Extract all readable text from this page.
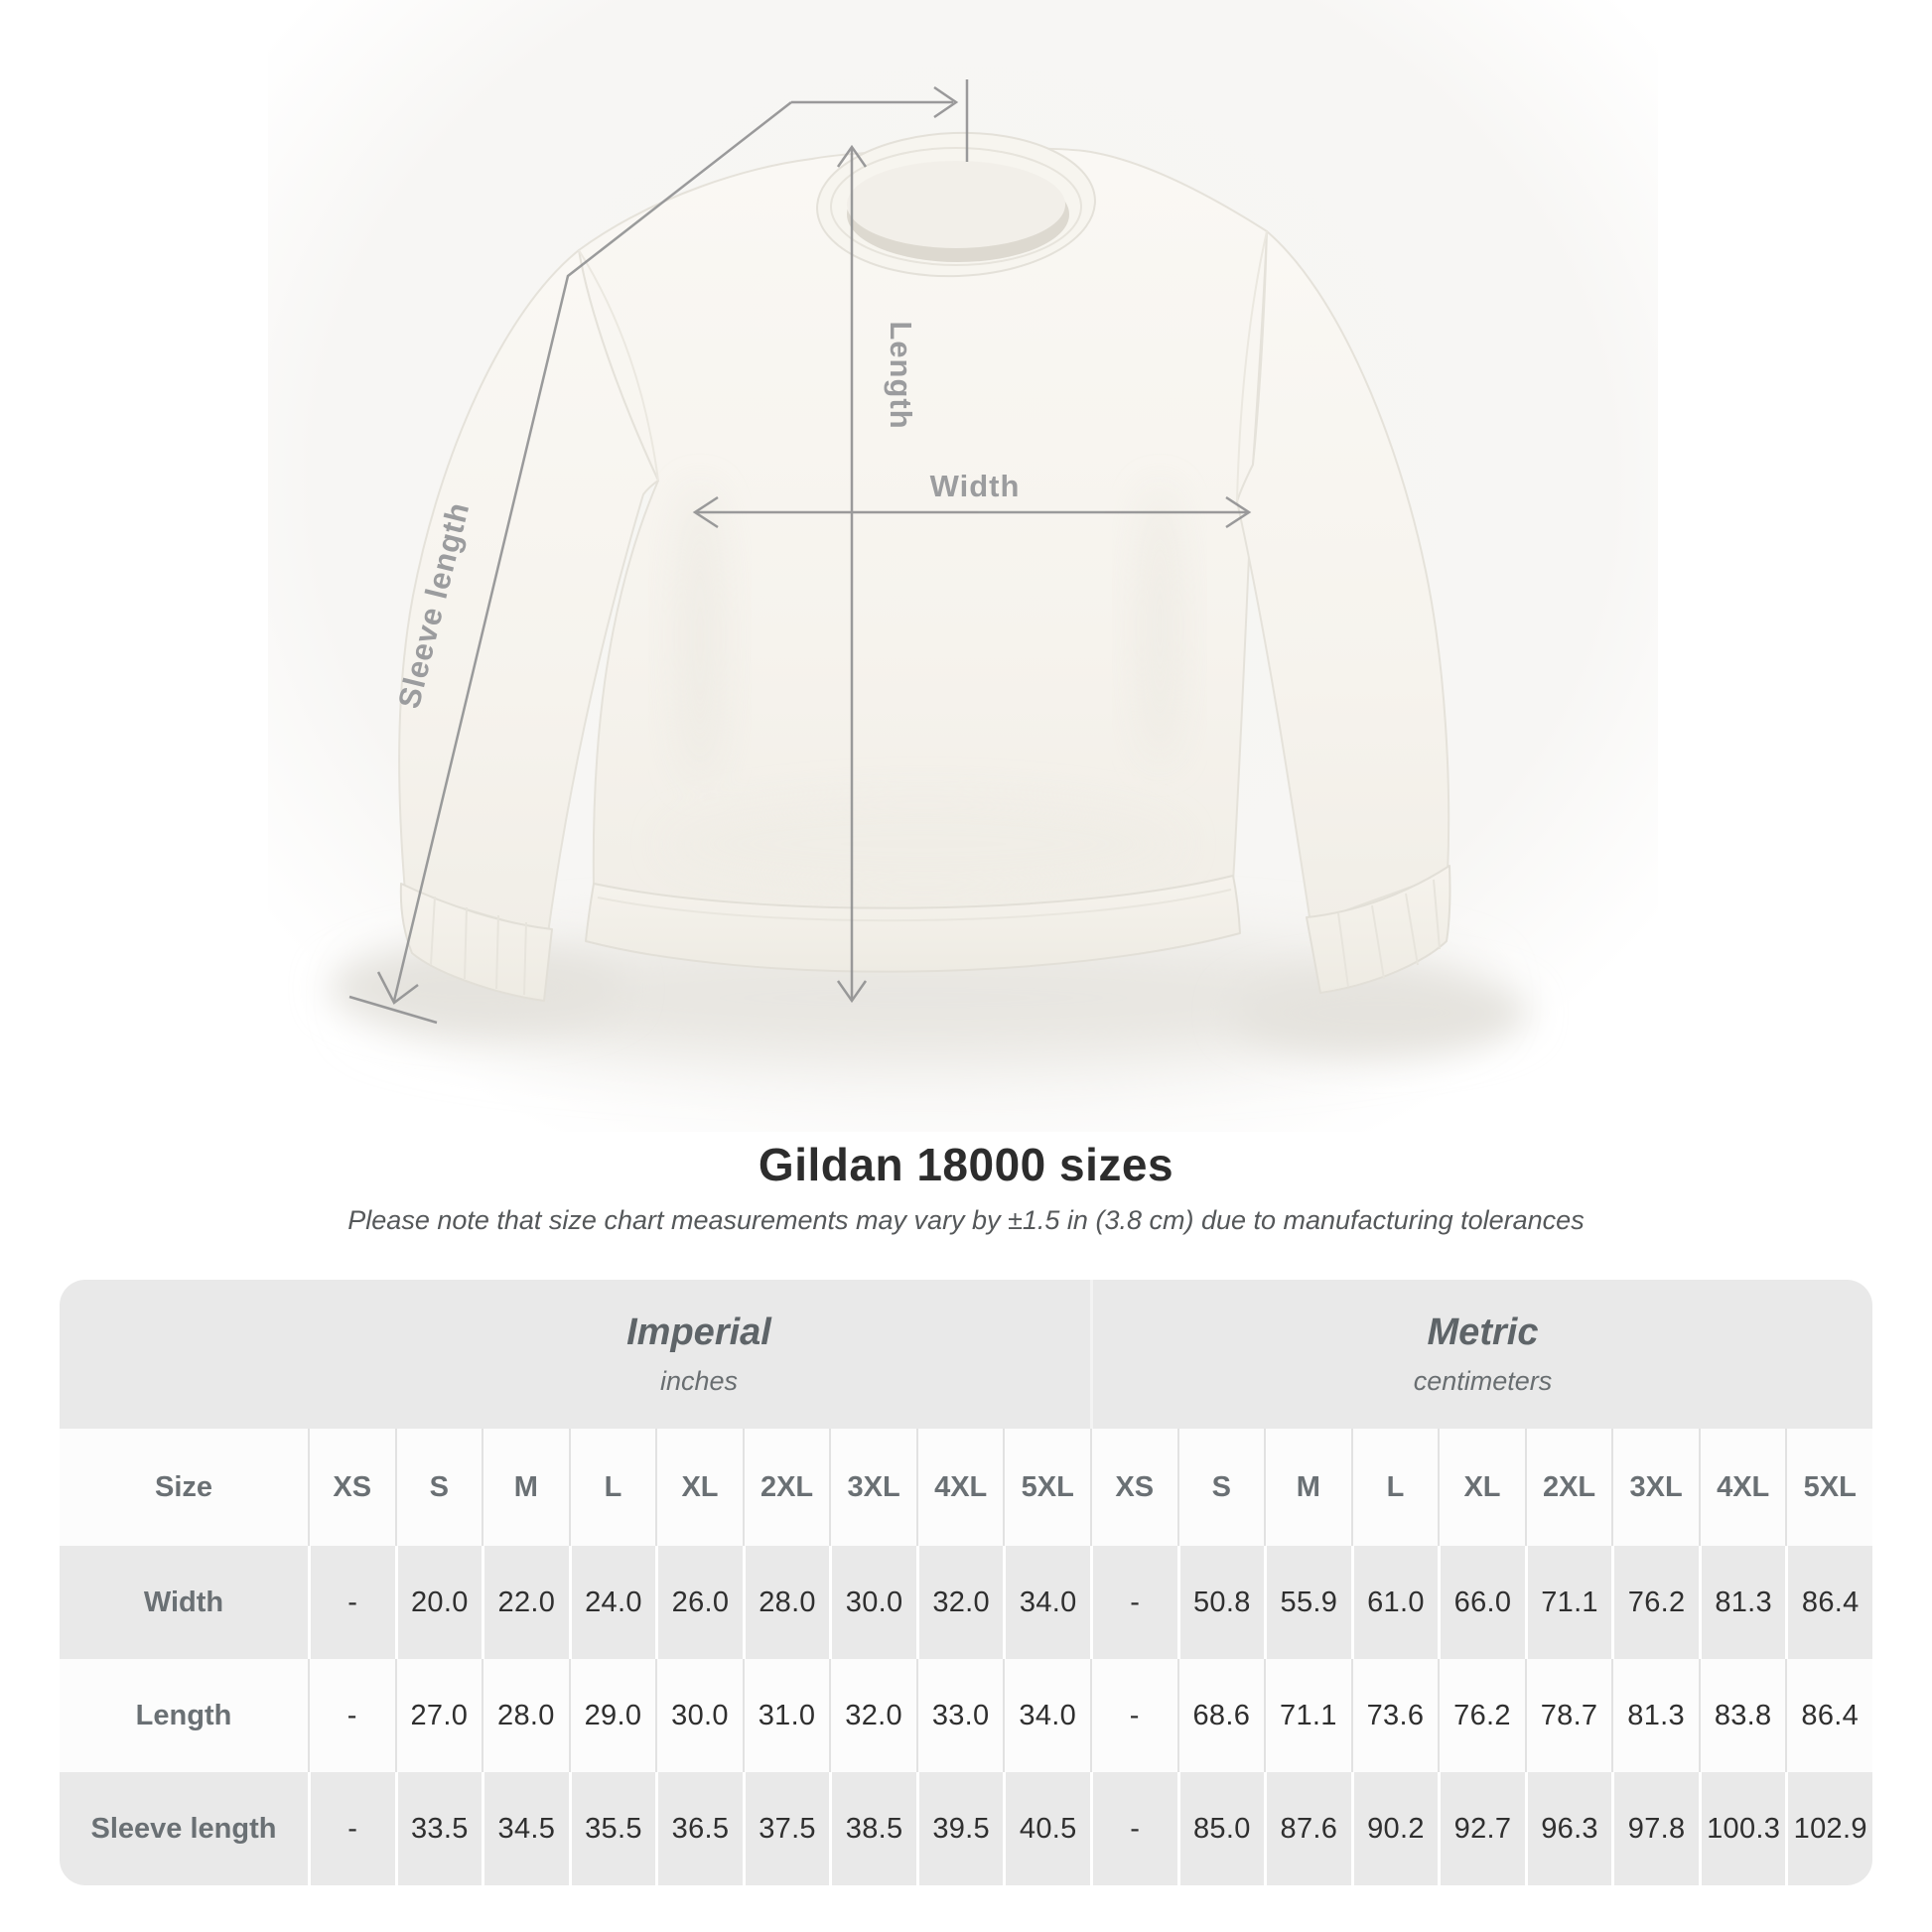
Length
Width
Sleeve length
Gildan 18000 sizes
Please note that size chart measurements may vary by ±1.5 in (3.8 cm) due to manufacturing tolerances
Imperial
inches
Metric
centimeters
Size	XS	S	M	L	XL	2XL	3XL	4XL	5XL	XS	S	M	L	XL	2XL	3XL	4XL	5XL
Width	-	20.0	22.0	24.0	26.0	28.0	30.0	32.0	34.0	-	50.8	55.9	61.0	66.0	71.1	76.2	81.3	86.4
Length	-	27.0	28.0	29.0	30.0	31.0	32.0	33.0	34.0	-	68.6	71.1	73.6	76.2	78.7	81.3	83.8	86.4
Sleeve length	-	33.5	34.5	35.5	36.5	37.5	38.5	39.5	40.5	-	85.0	87.6	90.2	92.7	96.3	97.8 100.3 102.9
